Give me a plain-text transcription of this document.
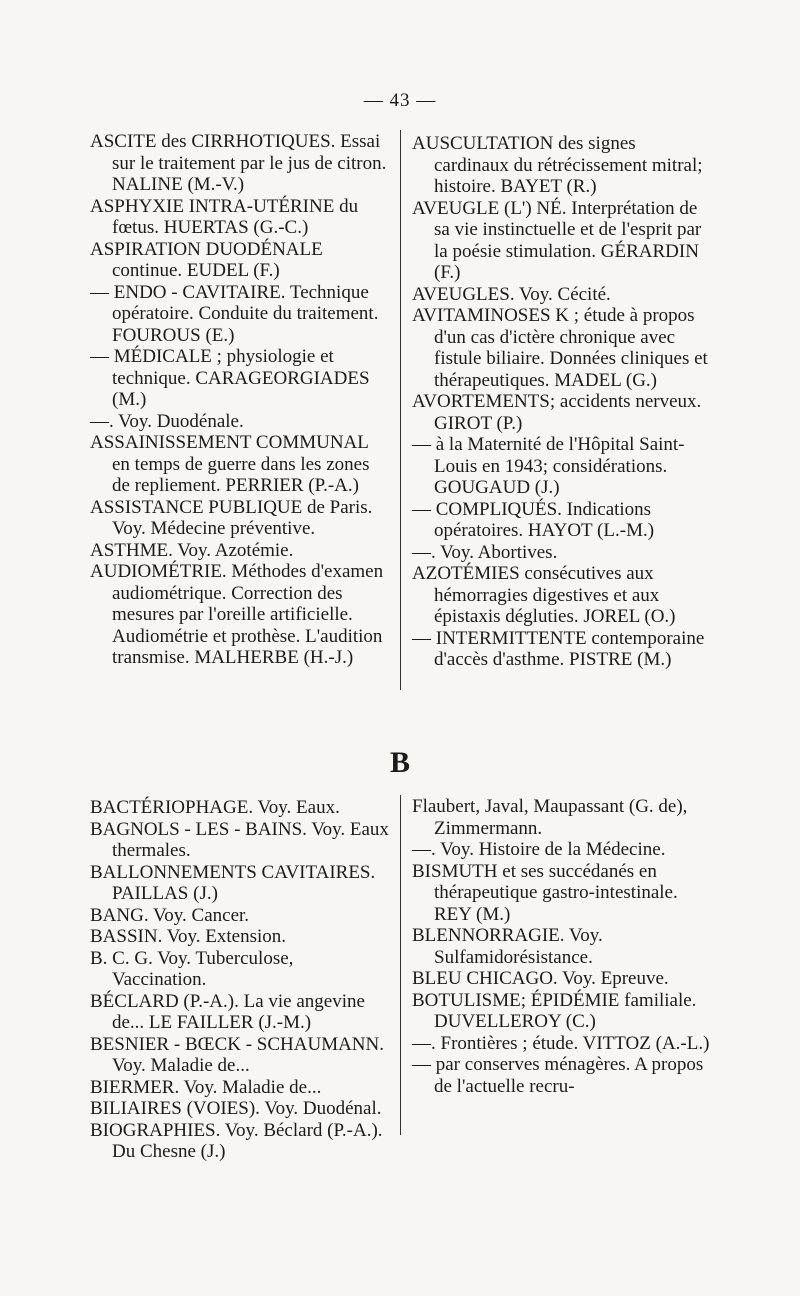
— 43 —

ASCITE des CIRRHOTIQUES. Essai sur le traitement par le jus de citron. NALINE (M.-V.)

ASPHYXIE INTRA-UTÉRINE du fœtus. HUERTAS (G.-C.)

ASPIRATION DUODÉNALE continue. EUDEL (F.)

— ENDO - CAVITAIRE. Technique opératoire. Conduite du traitement. FOUROUS (E.)

— MÉDICALE ; physiologie et technique. CARAGEORGIADES (M.)

—. Voy. Duodénale.

ASSAINISSEMENT COMMUNAL en temps de guerre dans les zones de repliement. PERRIER (P.-A.)

ASSISTANCE PUBLIQUE de Paris. Voy. Médecine préventive.

ASTHME. Voy. Azotémie.

AUDIOMÉTRIE. Méthodes d'examen audiométrique. Correction des mesures par l'oreille artificielle. Audiométrie et prothèse. L'audition transmise. MALHERBE (H.-J.)

AUSCULTATION des signes cardinaux du rétrécissement mitral; histoire. BAYET (R.)

AVEUGLE (L') NÉ. Interprétation de sa vie instinctuelle et de l'esprit par la poésie stimulation. GÉRARDIN (F.)

AVEUGLES. Voy. Cécité.

AVITAMINOSES K ; étude à propos d'un cas d'ictère chronique avec fistule biliaire. Données cliniques et thérapeutiques. MADEL (G.)

AVORTEMENTS; accidents nerveux. GIROT (P.)

— à la Maternité de l'Hôpital Saint-Louis en 1943; considérations. GOUGAUD (J.)

— COMPLIQUÉS. Indications opératoires. HAYOT (L.-M.)

—. Voy. Abortives.

AZOTÉMIES consécutives aux hémorragies digestives et aux épistaxis dégluties. JOREL (O.)

— INTERMITTENTE contemporaine d'accès d'asthme. PISTRE (M.)

B

BACTÉRIOPHAGE. Voy. Eaux.

BAGNOLS - LES - BAINS. Voy. Eaux thermales.

BALLONNEMENTS CAVITAIRES. PAILLAS (J.)

BANG. Voy. Cancer.

BASSIN. Voy. Extension.

B. C. G. Voy. Tuberculose, Vaccination.

BÉCLARD (P.-A.). La vie angevine de... LE FAILLER (J.-M.)

BESNIER - BŒCK - SCHAUMANN. Voy. Maladie de...

BIERMER. Voy. Maladie de...

BILIAIRES (VOIES). Voy. Duodénal.

BIOGRAPHIES. Voy. Béclard (P.-A.). Du Chesne (J.)

Flaubert, Javal, Maupassant (G. de), Zimmermann.

—. Voy. Histoire de la Médecine.

BISMUTH et ses succédanés en thérapeutique gastro-intestinale. REY (M.)

BLENNORRAGIE. Voy. Sulfamidorésistance.

BLEU CHICAGO. Voy. Epreuve.

BOTULISME; ÉPIDÉMIE familiale. DUVELLEROY (C.)

—. Frontières ; étude. VITTOZ (A.-L.)

— par conserves ménagères. A propos de l'actuelle recru-
